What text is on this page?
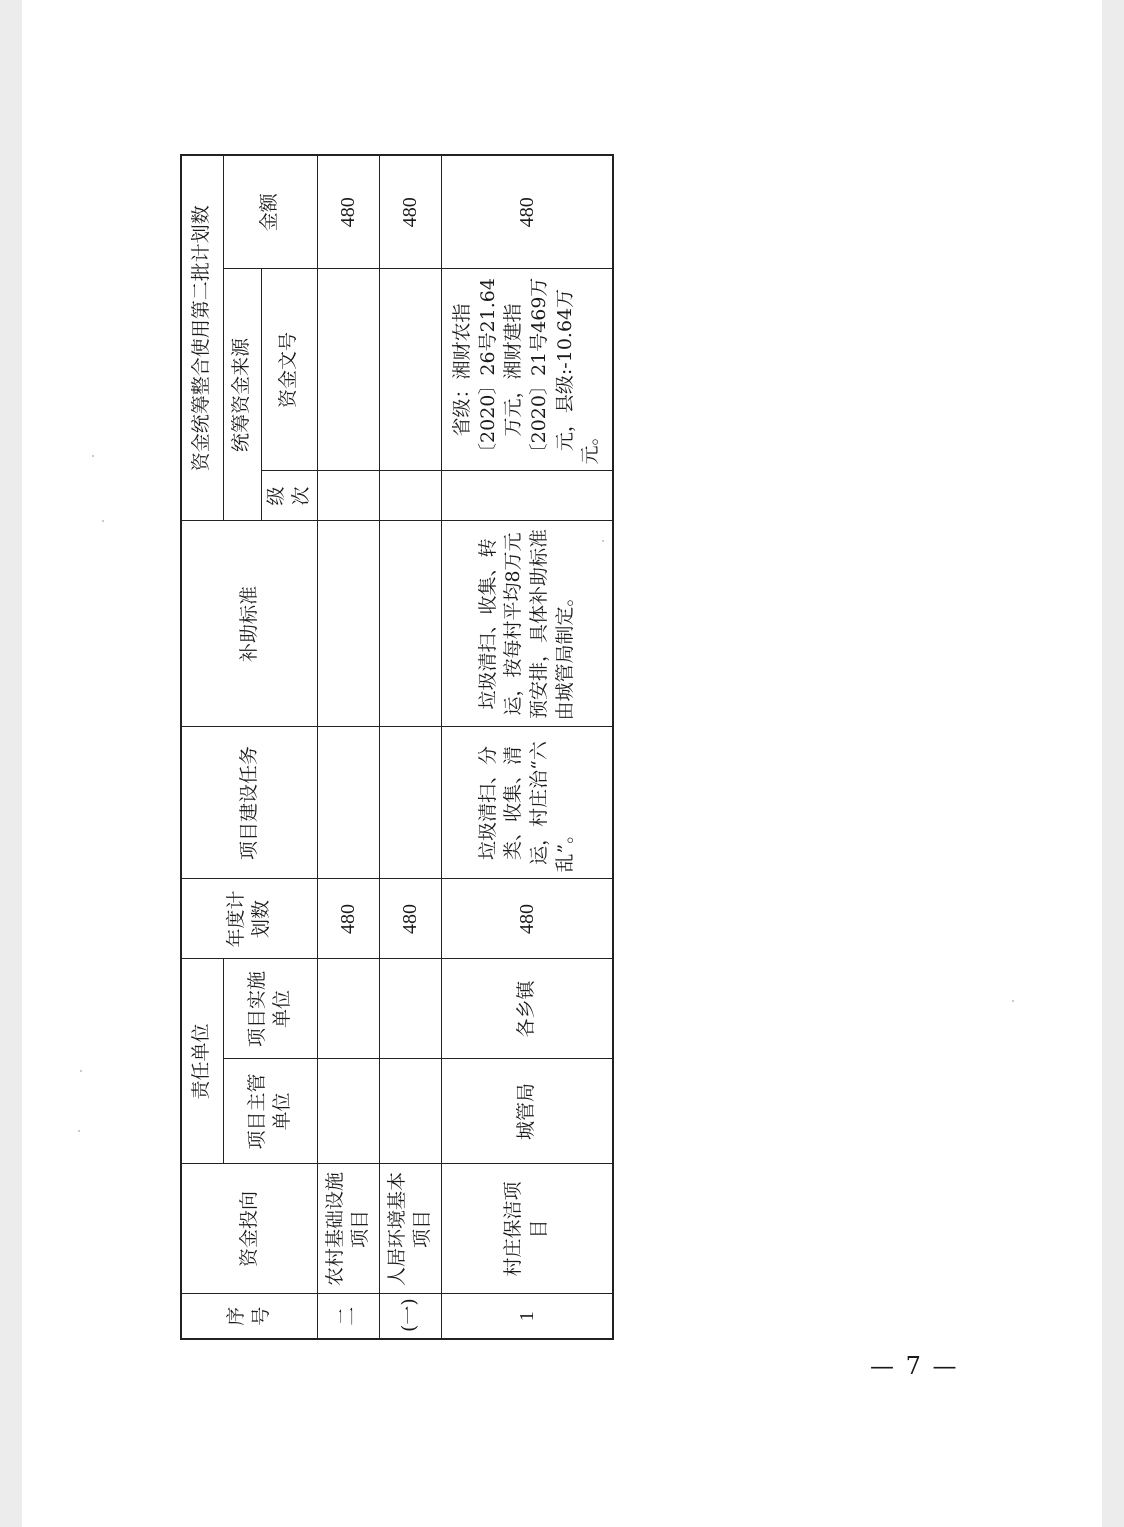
序号	资金投向	责任单位		年度计划数	项目建设任务	补助标准	资金统筹整合使用第二批计划数		
		项目主管单位	项目实施单位				统筹资金来源		金额
							级次	资金文号	
二	农村基础设施项目			480					480
(一)	人居环境基本项目			480					480
1	村庄保洁项 目	城管局	各乡镇	480	垃圾清扫、分类、收集、清运，村庄治“六乱”。	垃圾清扫、收集、转运，按每村平均8万元预安排，具体补助标准由城管局制定。		省级：湘财农指〔2020〕26号21.64万元，湘财建指〔2020〕21号469万元，县级:-10.64万元。	480
— 7 —
